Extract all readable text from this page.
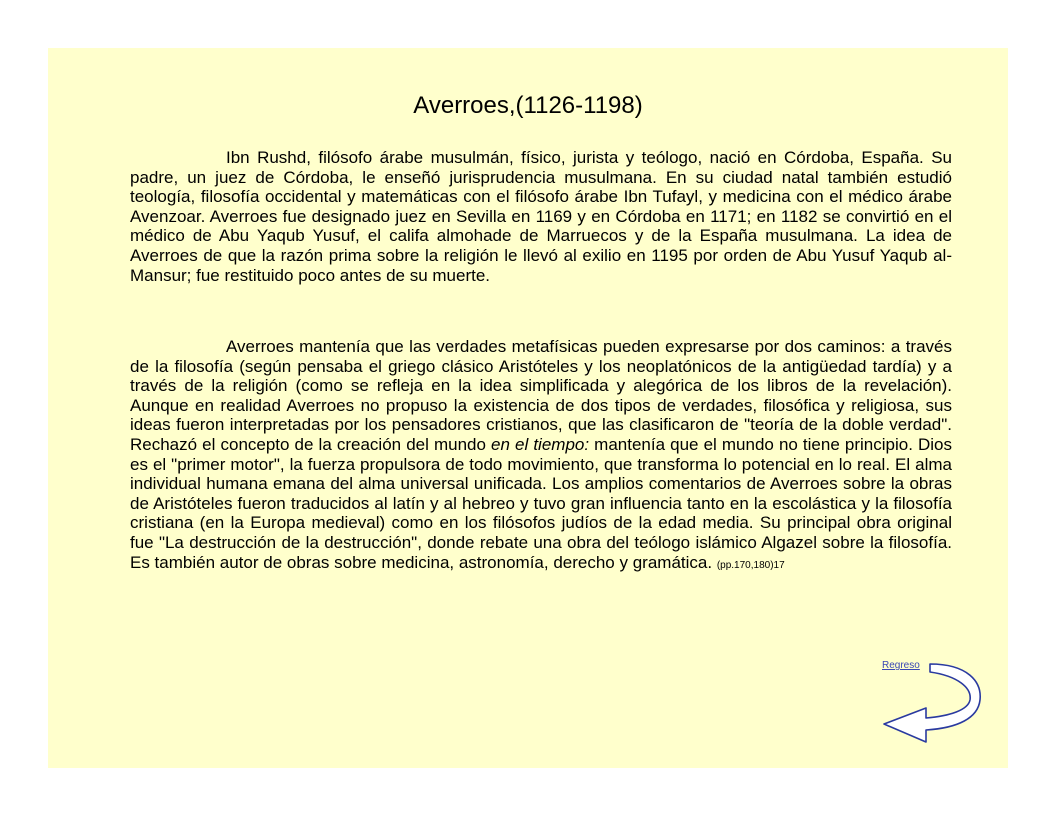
Averroes,(1126-1198)

Ibn Rushd, filósofo árabe musulmán, físico, jurista y teólogo, nació en Córdoba, España. Su padre, un juez de Córdoba, le enseñó jurisprudencia musulmana. En su ciudad natal también estudió teología, filosofía occidental y matemáticas con el filósofo árabe Ibn Tufayl, y medicina con el médico árabe Avenzoar. Averroes fue designado juez en Sevilla en 1169 y en Córdoba en 1171; en 1182 se convirtió en el médico de Abu Yaqub Yusuf, el califa almohade de Marruecos y de la España musulmana. La idea de Averroes de que la razón prima sobre la religión le llevó al exilio en 1195 por orden de Abu Yusuf Yaqub al-Mansur; fue restituido poco antes de su muerte.

Averroes mantenía que las verdades metafísicas pueden expresarse por dos caminos: a través de la filosofía (según pensaba el griego clásico Aristóteles y los neoplatónicos de la antigüedad tardía) y a través de la religión (como se refleja en la idea simplificada y alegórica de los libros de la revelación). Aunque en realidad Averroes no propuso la existencia de dos tipos de verdades, filosófica y religiosa, sus ideas fueron interpretadas por los pensadores cristianos, que las clasificaron de "teoría de la doble verdad". Rechazó el concepto de la creación del mundo en el tiempo: mantenía que el mundo no tiene principio. Dios es el "primer motor", la fuerza propulsora de todo movimiento, que transforma lo potencial en lo real. El alma individual humana emana del alma universal unificada. Los amplios comentarios de Averroes sobre la obras de Aristóteles fueron traducidos al latín y al hebreo y tuvo gran influencia tanto en la escolástica y la filosofía cristiana (en la Europa medieval) como en los filósofos judíos de la edad media. Su principal obra original fue "La destrucción de la destrucción", donde rebate una obra del teólogo islámico Algazel sobre la filosofía. Es también autor de obras sobre medicina, astronomía, derecho y gramática. (pp.170,180)17

Regreso
